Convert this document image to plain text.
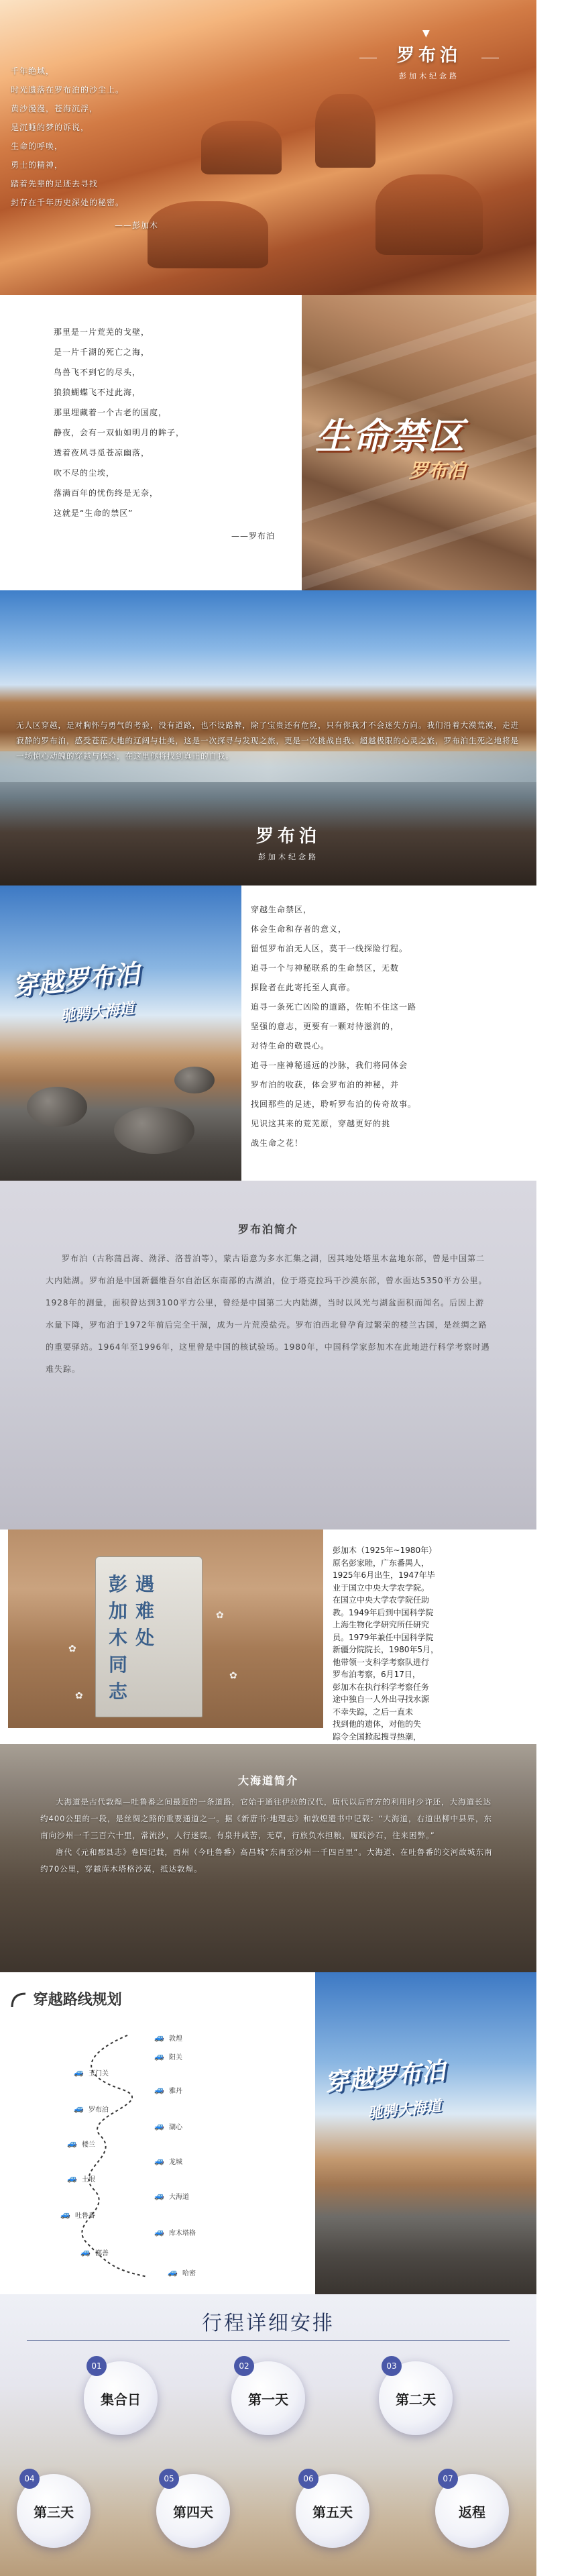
千年绝域，

时光遗落在罗布泊的沙尘上。

黄沙漫漫，苍海沉浮，

是沉睡的梦的诉说，

生命的呼唤，

勇士的精神，

踏着先辈的足迹去寻找

封存在千年历史深处的秘密。

——彭加木

▼
罗布泊
彭加木纪念路

那里是一片荒芜的戈壁，

是一片千湖的死亡之海，

鸟兽飞不到它的尽头，

狼狼蝴蝶飞不过此海，

那里埋藏着一个古老的国度，

静夜，会有一双仙如明月的眸子，

透着夜风寻觅苍凉幽落，

吹不尽的尘埃，

落满百年的忧伤终是无奈，

这就是“生命的禁区”

——罗布泊

生命禁区
罗布泊
无人区穿越，是对胸怀与勇气的考验，没有道路，也不设路牌，除了宝贵还有危险，只有你我才不会迷失方向。我们沿着大漠荒漠，走进寂静的罗布泊，感受苍茫大地的辽阔与壮美，这是一次探寻与发现之旅，更是一次挑战自我、超越极限的心灵之旅，罗布泊生死之地将是一场惊心动魄的穿越与体验，在这里你将找到真正的自我。
罗布泊
彭加木纪念路
穿越罗布泊
驰骋大海道

穿越生命禁区，

体会生命和存者的意义，

留恒罗布泊无人区，莫干一线探险行程。

追寻一个与神秘联系的生命禁区，无数

探险者在此寄托至人真帝。

追寻一条死亡凶险的道路，佐帕不住这一路

坚强的意志，更要有一颗对待滋润的，

对待生命的敬畏心。

追寻一座神秘遥远的沙脉，我们将同体会

罗布泊的收获，体会罗布泊的神秘，并

找回那些的足迹，聆听罗布泊的传奇故事。

见识这其来的荒芜原，穿越更好的挑

战生命之花！

罗布泊简介
罗布泊（古称蒲昌海、泑泽、洛普泊等），蒙古语意为多水汇集之湖，因其地处塔里木盆地东部，曾是中国第二大内陆湖。罗布泊是中国新疆维吾尔自治区东南部的古湖泊，位于塔克拉玛干沙漠东部，曾水面达5350平方公里。1928年的测量，面积曾达到3100平方公里，曾经是中国第二大内陆湖，当时以风光与湖盆面积而闻名。后因上游水量下降，罗布泊于1972年前后完全干涸，成为一片荒漠盐壳。罗布泊西北曾孕育过繁荣的楼兰古国，是丝绸之路的重要驿站。1964年至1996年，这里曾是中国的核试验场。1980年，中国科学家彭加木在此地进行科学考察时遇难失踪。
彭
加
木
同
志
遇
难
处
✿
✿
✿
✿

彭加木（1925年~1980年）

原名彭家睦，广东番禺人，

1925年6月出生，1947年毕

业于国立中央大学农学院。

在国立中央大学农学院任助

教。1949年后到中国科学院

上海生物化学研究所任研究

员。1979年兼任中国科学院

新疆分院院长，1980年5月，

他带领一支科学考察队进行

罗布泊考察，6月17日，

彭加木在执行科学考察任务

途中独自一人外出寻找水源

不幸失踪，之后一直未

找到他的遗体，对他的失

踪令全国掀起搜寻热潮，

大海道简介

大海道是古代敦煌—吐鲁番之间最近的一条道路，它始于通往伊拉的汉代，唐代以后官方的利用时少许还，大海道长达约400公里的一段，是丝绸之路的重要通道之一。据《新唐书·地理志》和敦煌遗书中记载：“大海道，右道出柳中县界，东南向沙州一千三百六十里，常流沙，人行迷误。有泉井咸苦，无草，行旅负水担粮，履践沙石，往来困弊。”

唐代《元和郡县志》卷四记载，西州（今吐鲁番）高昌城“东南至沙州一千四百里”。大海道、在吐鲁番的交河故城东南约70公里，穿越库木塔格沙漠，抵达敦煌。

穿越路线规划
🚙 敦煌
🚙 阳关
🚙 玉门关
🚙 雅丹
🚙 罗布泊
🚙 湖心
🚙 楼兰
🚙 龙城
🚙 土垠
🚙 大海道
🚙 吐鲁番
🚙 库木塔格
🚙 鄯善
🚙 哈密
穿越罗布泊
驰骋大海道
行程详细安排
01
集合日
02
第一天
03
第二天
04
第三天
05
第四天
06
第五天
07
返程
